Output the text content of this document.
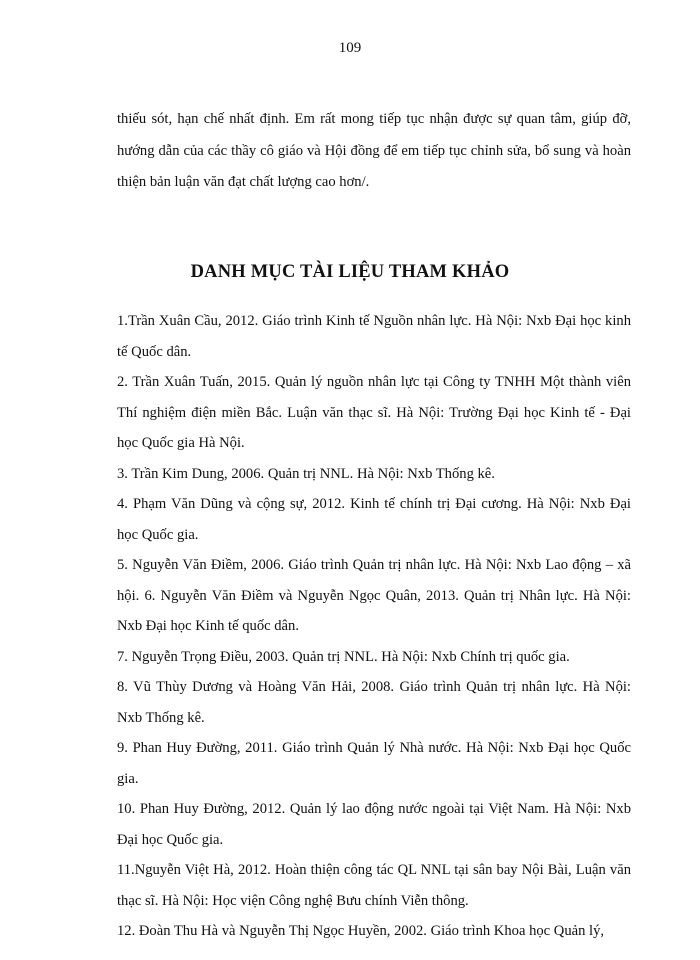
109

thiếu sót, hạn chế nhất định. Em rất mong tiếp tục nhận được sự quan tâm, giúp đỡ, hướng dẫn của các thầy cô giáo và Hội đồng để em tiếp tục chỉnh sửa, bổ sung và hoàn thiện bản luận văn đạt chất lượng cao hơn/.

DANH MỤC TÀI LIỆU THAM KHẢO
1.Trần Xuân Cầu, 2012. Giáo trình Kinh tế Nguồn nhân lực. Hà Nội: Nxb Đại học kinh tế Quốc dân.
2. Trần Xuân Tuấn, 2015. Quản lý nguồn nhân lực tại Công ty TNHH Một thành viên Thí nghiệm điện miền Bắc. Luận văn thạc sĩ. Hà Nội: Trường Đại học Kinh tế - Đại học Quốc gia Hà Nội.
3. Trần Kim Dung, 2006. Quản trị NNL. Hà Nội: Nxb Thống kê.
4. Phạm Văn Dũng và cộng sự, 2012. Kinh tế chính trị Đại cương. Hà Nội: Nxb Đại học Quốc gia.
5. Nguyễn Văn Điềm, 2006. Giáo trình Quản trị nhân lực. Hà Nội: Nxb Lao động – xã hội. 6. Nguyễn Văn Điềm và Nguyễn Ngọc Quân, 2013. Quản trị Nhân lực. Hà Nội: Nxb Đại học Kinh tế quốc dân.
7. Nguyễn Trọng Điều, 2003. Quản trị NNL. Hà Nội: Nxb Chính trị quốc gia.
8. Vũ Thùy Dương và Hoàng Văn Hải, 2008. Giáo trình Quản trị nhân lực. Hà Nội: Nxb Thống kê.
9. Phan Huy Đường, 2011. Giáo trình Quản lý Nhà nước. Hà Nội: Nxb Đại học Quốc gia.
10. Phan Huy Đường, 2012. Quản lý lao động nước ngoài tại Việt Nam. Hà Nội: Nxb Đại học Quốc gia.
11.Nguyễn Việt Hà, 2012. Hoàn thiện công tác QL NNL tại sân bay Nội Bài, Luận văn thạc sĩ. Hà Nội: Học viện Công nghệ Bưu chính Viễn thông.
12. Đoàn Thu Hà và Nguyễn Thị Ngọc Huyền, 2002. Giáo trình Khoa học Quản lý,
